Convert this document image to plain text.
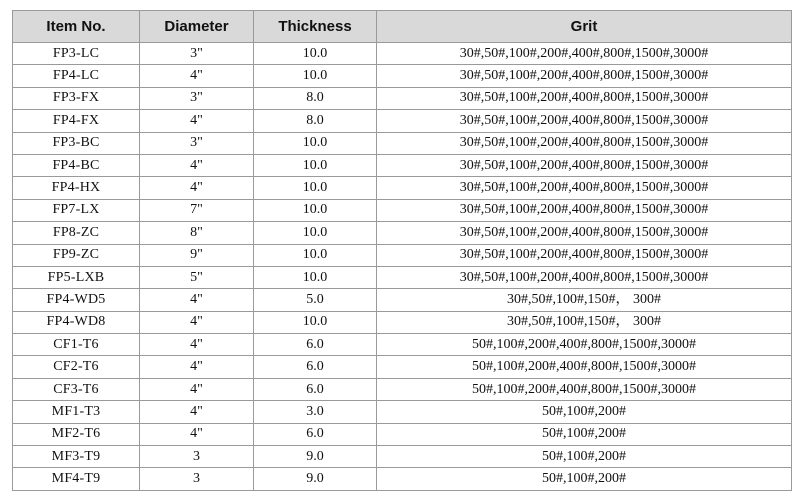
Item No.	Diameter	Thickness	Grit
FP3-LC	3"	10.0	30#,50#,100#,200#,400#,800#,1500#,3000#
FP4-LC	4"	10.0	30#,50#,100#,200#,400#,800#,1500#,3000#
FP3-FX	3"	8.0	30#,50#,100#,200#,400#,800#,1500#,3000#
FP4-FX	4"	8.0	30#,50#,100#,200#,400#,800#,1500#,3000#
FP3-BC	3"	10.0	30#,50#,100#,200#,400#,800#,1500#,3000#
FP4-BC	4"	10.0	30#,50#,100#,200#,400#,800#,1500#,3000#
FP4-HX	4"	10.0	30#,50#,100#,200#,400#,800#,1500#,3000#
FP7-LX	7"	10.0	30#,50#,100#,200#,400#,800#,1500#,3000#
FP8-ZC	8"	10.0	30#,50#,100#,200#,400#,800#,1500#,3000#
FP9-ZC	9"	10.0	30#,50#,100#,200#,400#,800#,1500#,3000#
FP5-LXB	5"	10.0	30#,50#,100#,200#,400#,800#,1500#,3000#
FP4-WD5	4"	5.0	30#,50#,100#,150#， 300#
FP4-WD8	4"	10.0	30#,50#,100#,150#， 300#
CF1-T6	4"	6.0	50#,100#,200#,400#,800#,1500#,3000#
CF2-T6	4"	6.0	50#,100#,200#,400#,800#,1500#,3000#
CF3-T6	4"	6.0	50#,100#,200#,400#,800#,1500#,3000#
MF1-T3	4"	3.0	50#,100#,200#
MF2-T6	4"	6.0	50#,100#,200#
MF3-T9	3	9.0	50#,100#,200#
MF4-T9	3	9.0	50#,100#,200#
